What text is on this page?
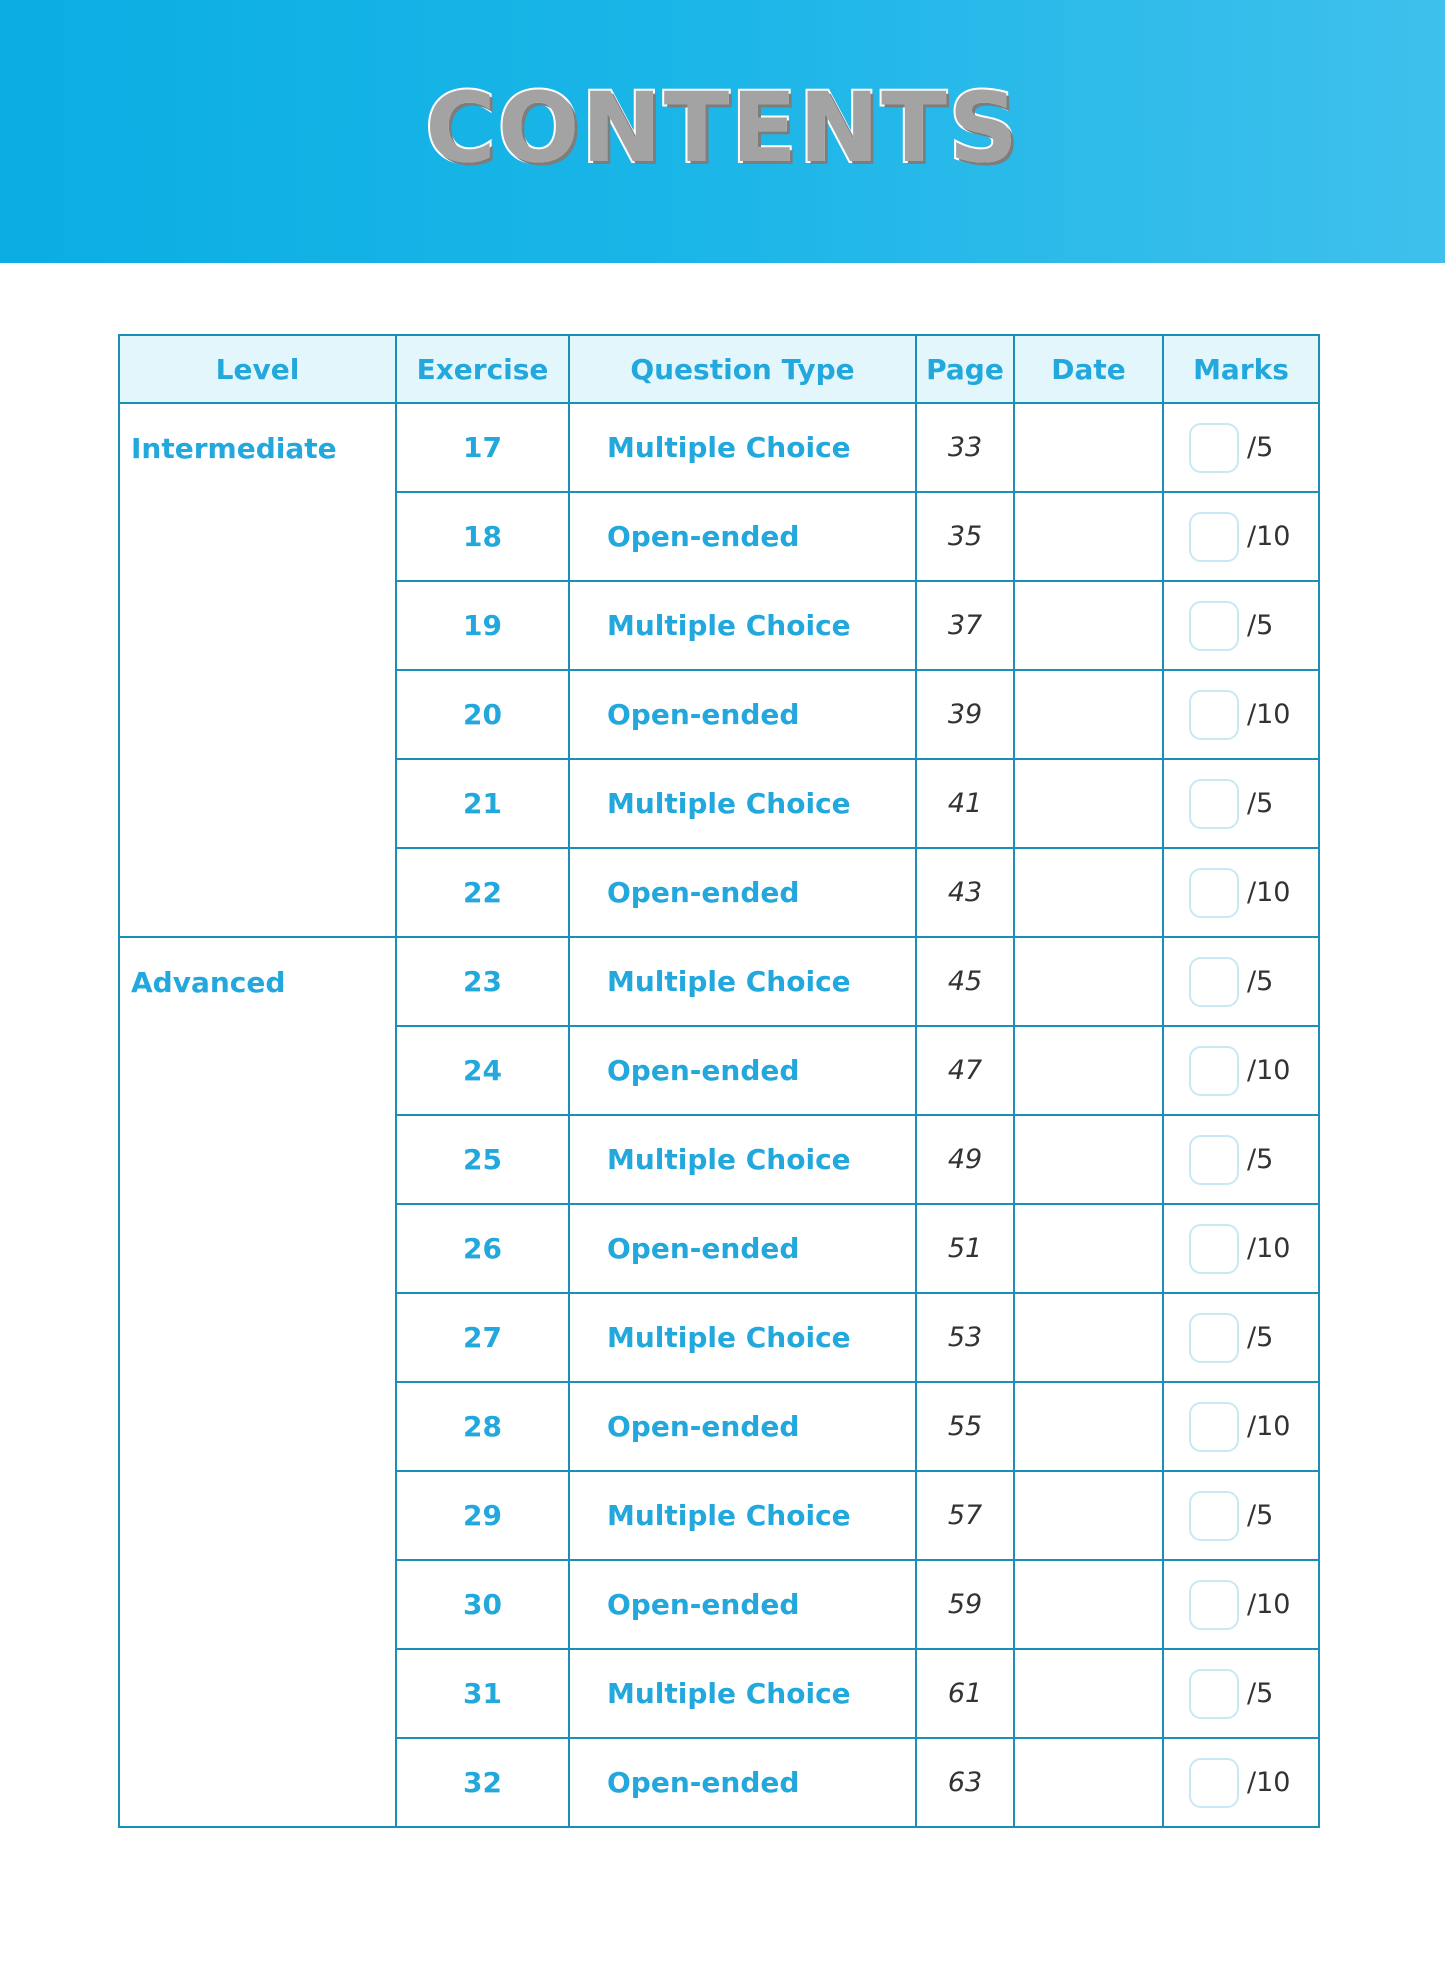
CONTENTS
Level	Exercise	Question Type	Page	Date	Marks
Intermediate	17	Multiple Choice	33		/5
	18	Open-ended	35		/10
	19	Multiple Choice	37		/5
	20	Open-ended	39		/10
	21	Multiple Choice	41		/5
	22	Open-ended	43		/10
Advanced	23	Multiple Choice	45		/5
	24	Open-ended	47		/10
	25	Multiple Choice	49		/5
	26	Open-ended	51		/10
	27	Multiple Choice	53		/5
	28	Open-ended	55		/10
	29	Multiple Choice	57		/5
	30	Open-ended	59		/10
	31	Multiple Choice	61		/5
	32	Open-ended	63		/10
